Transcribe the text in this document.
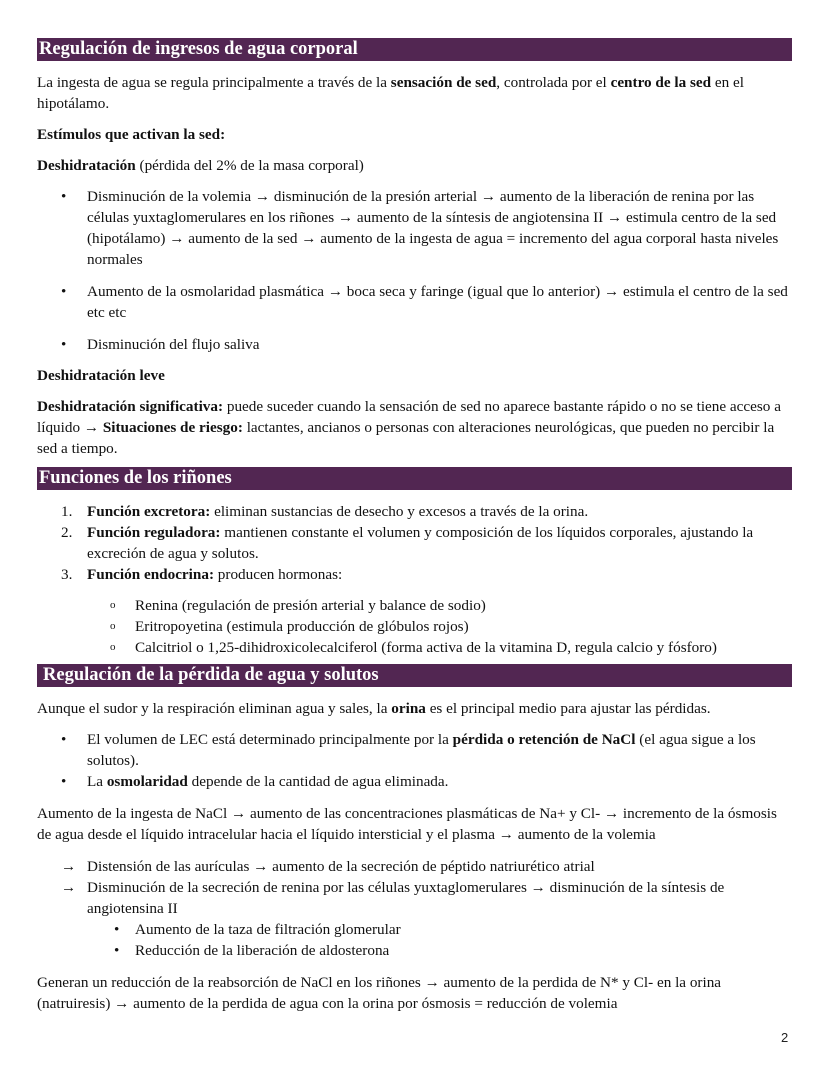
Regulación de ingresos de agua corporal

La ingesta de agua se regula principalmente a través de la sensación de sed, controlada por el centro de la sed en el hipotálamo.

Estímulos que activan la sed:

Deshidratación (pérdida del 2% de la masa corporal)

• Disminución de la volemia → disminución de la presión arterial → aumento de la liberación de renina por las células yuxtaglomerulares en los riñones → aumento de la síntesis de angiotensina II → estimula centro de la sed (hipotálamo) → aumento de la sed → aumento de la ingesta de agua = incremento del agua corporal hasta niveles normales
• Aumento de la osmolaridad plasmática → boca seca y faringe (igual que lo anterior) → estimula el centro de la sed etc etc
• Disminución del flujo saliva

Deshidratación leve

Deshidratación significativa: puede suceder cuando la sensación de sed no aparece bastante rápido o no se tiene acceso a líquido → Situaciones de riesgo: lactantes, ancianos o personas con alteraciones neurológicas, que pueden no percibir la sed a tiempo.

Funciones de los riñones
1. Función excretora: eliminan sustancias de desecho y excesos a través de la orina.
2. Función reguladora: mantienen constante el volumen y composición de los líquidos corporales, ajustando la excreción de agua y solutos.
3. Función endocrina: producen hormonas:
o Renina (regulación de presión arterial y balance de sodio)
o Eritropoyetina (estimula producción de glóbulos rojos)
o Calcitriol o 1,25-dihidroxicolecalciferol (forma activa de la vitamina D, regula calcio y fósforo)
Regulación de la pérdida de agua y solutos

Aunque el sudor y la respiración eliminan agua y sales, la orina es el principal medio para ajustar las pérdidas.

• El volumen de LEC está determinado principalmente por la pérdida o retención de NaCl (el agua sigue a los solutos).
• La osmolaridad depende de la cantidad de agua eliminada.

Aumento de la ingesta de NaCl → aumento de las concentraciones plasmáticas de Na+ y Cl- → incremento de la ósmosis de agua desde el líquido intracelular hacia el líquido intersticial y el plasma → aumento de la volemia

→ Distensión de las aurículas → aumento de la secreción de péptido natriurético atrial
→ Disminución de la secreción de renina por las células yuxtaglomerulares → disminución de la síntesis de angiotensina II
• Aumento de la taza de filtración glomerular
• Reducción de la liberación de aldosterona

Generan un reducción de la reabsorción de NaCl en los riñones → aumento de la perdida de N* y Cl- en la orina (natruiresis) → aumento de la perdida de agua con la orina por ósmosis = reducción de volemia

2
